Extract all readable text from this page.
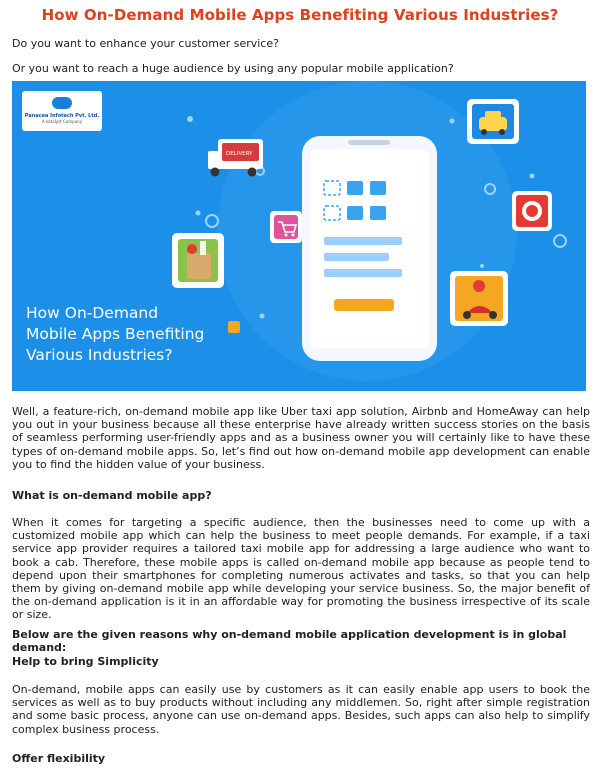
How On-Demand Mobile Apps Benefiting Various Industries?
Do you want to enhance your customer service?
Or you want to reach a huge audience by using any popular mobile application?
DELIVERY
Panacea Infotech Pvt. Ltd.
A katalyst Company
How On-Demand
Mobile Apps Benefiting
Various Industries?
Well, a feature-rich, on-demand mobile app like Uber taxi app solution, Airbnb and HomeAway can help you out in your business because all these enterprise have already written success stories on the basis of seamless performing user-friendly apps and as a business owner you will certainly like to have these types of on-demand mobile apps. So, let’s find out how on-demand mobile app development can enable you to find the hidden value of your business.
What is on-demand mobile app?
When it comes for targeting a specific audience, then the businesses need to come up with a customized mobile app which can help the business to meet people demands. For example, if a taxi service app provider requires a tailored taxi mobile app for addressing a large audience who want to book a cab. Therefore, these mobile apps is called on-demand mobile app because as people tend to depend upon their smartphones for completing numerous activates and tasks, so that you can help them by giving on-demand mobile app while developing your service business. So, the major benefit of the on-demand application is it in an affordable way for promoting the business irrespective of its scale or size.
Below are the given reasons why on-demand mobile application development is in global demand:
Help to bring Simplicity
On-demand, mobile apps can easily use by customers as it can easily enable app users to book the services as well as to buy products without including any middlemen. So, right after simple registration and some basic process, anyone can use on-demand apps. Besides, such apps can also help to simplify complex business process.
Offer flexibility
